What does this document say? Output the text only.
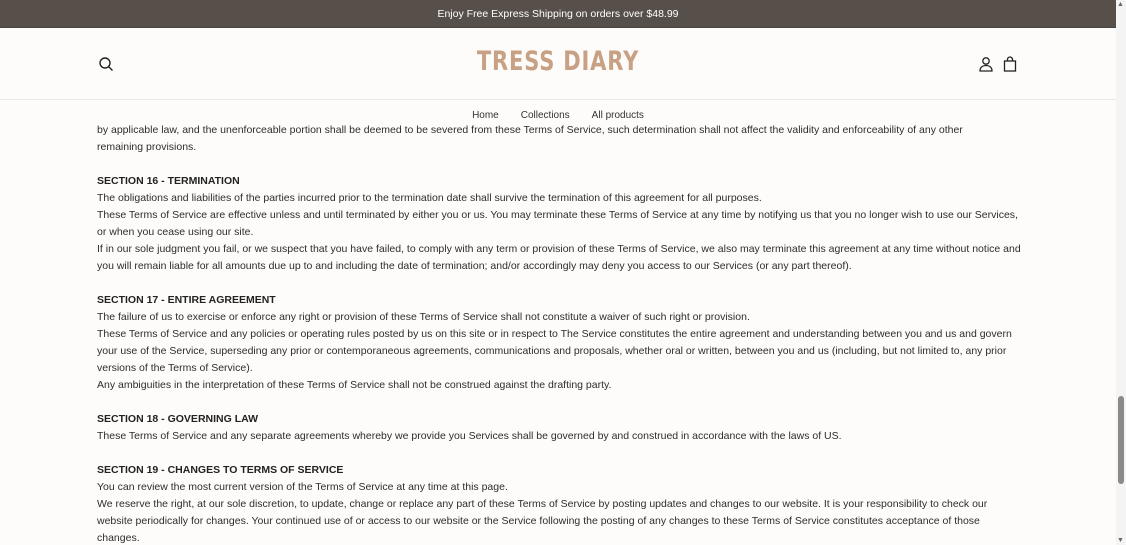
Enjoy Free Express Shipping on orders over $48.99
TRESS DIARY
Home Collections All products

by applicable law, and the unenforceable portion shall be deemed to be severed from these Terms of Service, such determination shall not affect the validity and enforceability of any other

remaining provisions.

SECTION 16 - TERMINATION

The obligations and liabilities of the parties incurred prior to the termination date shall survive the termination of this agreement for all purposes.

These Terms of Service are effective unless and until terminated by either you or us. You may terminate these Terms of Service at any time by notifying us that you no longer wish to use our Services, or when you cease using our site.

If in our sole judgment you fail, or we suspect that you have failed, to comply with any term or provision of these Terms of Service, we also may terminate this agreement at any time without notice and you will remain liable for all amounts due up to and including the date of termination; and/or accordingly may deny you access to our Services (or any part thereof).

SECTION 17 - ENTIRE AGREEMENT

The failure of us to exercise or enforce any right or provision of these Terms of Service shall not constitute a waiver of such right or provision.

These Terms of Service and any policies or operating rules posted by us on this site or in respect to The Service constitutes the entire agreement and understanding between you and us and govern your use of the Service, superseding any prior or contemporaneous agreements, communications and proposals, whether oral or written, between you and us (including, but not limited to, any prior versions of the Terms of Service).

Any ambiguities in the interpretation of these Terms of Service shall not be construed against the drafting party.

SECTION 18 - GOVERNING LAW

These Terms of Service and any separate agreements whereby we provide you Services shall be governed by and construed in accordance with the laws of US.

SECTION 19 - CHANGES TO TERMS OF SERVICE

You can review the most current version of the Terms of Service at any time at this page.

We reserve the right, at our sole discretion, to update, change or replace any part of these Terms of Service by posting updates and changes to our website. It is your responsibility to check our website periodically for changes. Your continued use of or access to our website or the Service following the posting of any changes to these Terms of Service constitutes acceptance of those changes.

▲
▼
